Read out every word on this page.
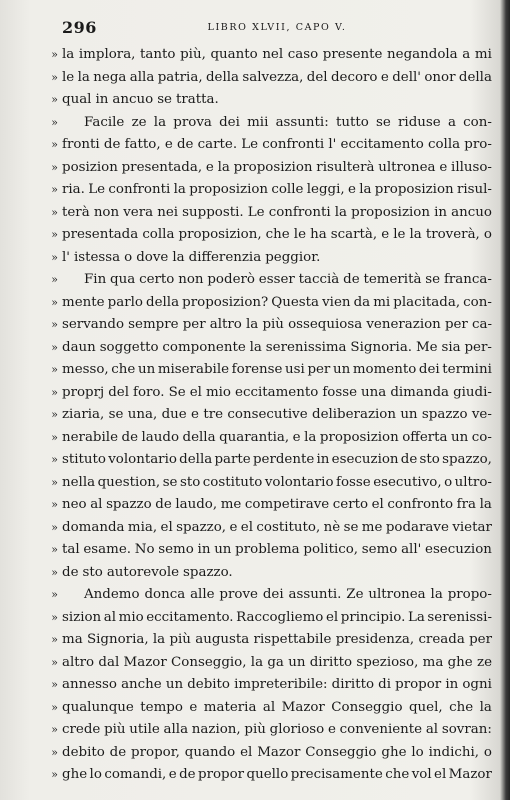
296	LIBRO XLVII, CAPO V.
» la implora, tanto più, quanto nel caso presente negandola a mi
» le la nega alla patria, della salvezza, del decoro e dell' onor della
» qual in ancuo se tratta.
» Facile ze la prova dei mii assunti: tutto se riduse a con-
» fronti de fatto, e de carte. Le confronti l' eccitamento colla pro-
» posizion presentada, e la proposizion risulterà ultronea e illuso-
» ria. Le confronti la proposizion colle leggi, e la proposizion risul-
» terà non vera nei supposti. Le confronti la proposizion in ancuo
» presentada colla proposizion, che le ha scartà, e le la troverà, o
» l' istessa o dove la differenzia peggior.
» Fin qua certo non poderò esser taccià de temerità se franca-
» mente parlo della proposizion? Questa vien da mi placitada, con-
» servando sempre per altro la più ossequiosa venerazion per ca-
» daun soggetto componente la serenissima Signoria. Me sia per-
» messo, che un miserabile forense usi per un momento dei termini
» proprj del foro. Se el mio eccitamento fosse una dimanda giudi-
» ziaria, se una, due e tre consecutive deliberazion un spazzo ve-
» nerabile de laudo della quarantia, e la proposizion offerta un co-
» stituto volontario della parte perdente in esecuzion de sto spazzo,
» nella question, se sto costituto volontario fosse esecutivo, o ultro-
» neo al spazzo de laudo, me competirave certo el confronto fra la
» domanda mia, el spazzo, e el costituto, nè se me podarave vietar
» tal esame. No semo in un problema politico, semo all' esecuzion
» de sto autorevole spazzo.
» Andemo donca alle prove dei assunti. Ze ultronea la propo-
» sizion al mio eccitamento. Raccogliemo el principio. La serenissi-
» ma Signoria, la più augusta rispettabile presidenza, creada per
» altro dal Mazor Conseggio, la ga un diritto spezioso, ma ghe ze
» annesso anche un debito impreteribile: diritto di propor in ogni
» qualunque tempo e materia al Mazor Conseggio quel, che la
» crede più utile alla nazion, più glorioso e conveniente al sovran:
» debito de propor, quando el Mazor Conseggio ghe lo indichi, o
» ghe lo comandi, e de propor quello precisamente che vol el Mazor
